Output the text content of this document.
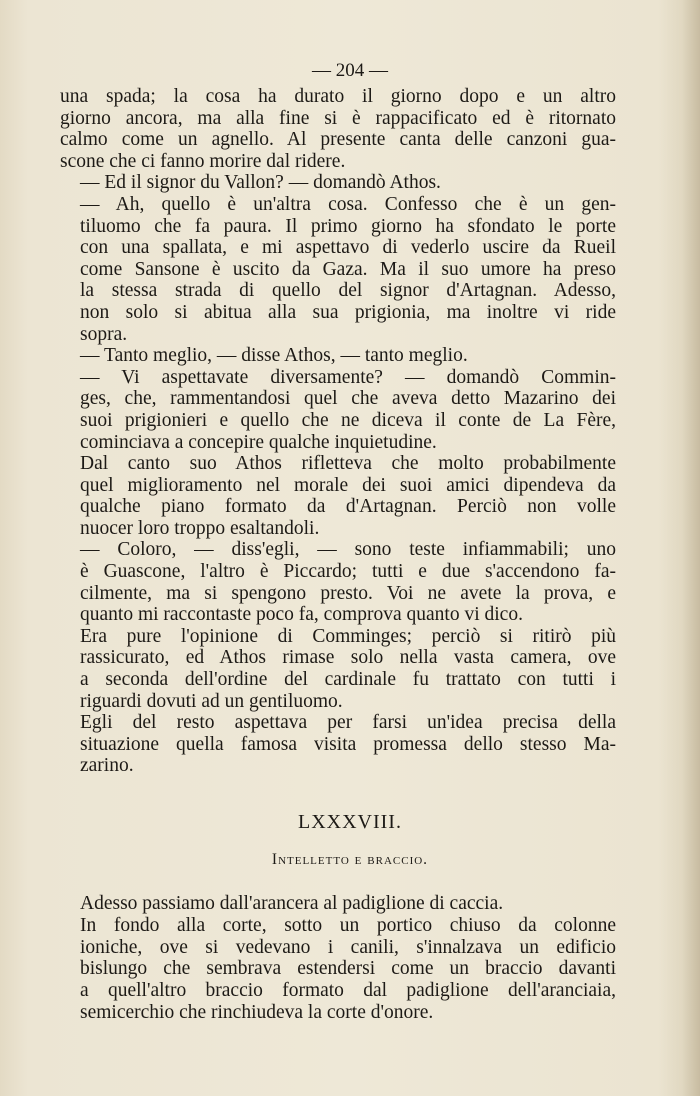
— 204 —
una spada; la cosa ha durato il giorno dopo e un altro
giorno ancora, ma alla fine si è rappacificato ed è ritornato
calmo come un agnello. Al presente canta delle canzoni gua-
scone che ci fanno morire dal ridere.
— Ed il signor du Vallon? — domandò Athos.
— Ah, quello è un'altra cosa. Confesso che è un gen-
tiluomo che fa paura. Il primo giorno ha sfondato le porte
con una spallata, e mi aspettavo di vederlo uscire da Rueil
come Sansone è uscito da Gaza. Ma il suo umore ha preso
la stessa strada di quello del signor d'Artagnan. Adesso,
non solo si abitua alla sua prigionia, ma inoltre vi ride
sopra.
— Tanto meglio, — disse Athos, — tanto meglio.
— Vi aspettavate diversamente? — domandò Commin-
ges, che, rammentandosi quel che aveva detto Mazarino dei
suoi prigionieri e quello che ne diceva il conte de La Fère,
cominciava a concepire qualche inquietudine.
Dal canto suo Athos rifletteva che molto probabilmente
quel miglioramento nel morale dei suoi amici dipendeva da
qualche piano formato da d'Artagnan. Perciò non volle
nuocer loro troppo esaltandoli.
— Coloro, — diss'egli, — sono teste infiammabili; uno
è Guascone, l'altro è Piccardo; tutti e due s'accendono fa-
cilmente, ma si spengono presto. Voi ne avete la prova, e
quanto mi raccontaste poco fa, comprova quanto vi dico.
Era pure l'opinione di Comminges; perciò si ritirò più
rassicurato, ed Athos rimase solo nella vasta camera, ove
a seconda dell'ordine del cardinale fu trattato con tutti i
riguardi dovuti ad un gentiluomo.
Egli del resto aspettava per farsi un'idea precisa della
situazione quella famosa visita promessa dello stesso Ma-
zarino.
LXXXVIII.
Intelletto e braccio.
Adesso passiamo dall'arancera al padiglione di caccia.
In fondo alla corte, sotto un portico chiuso da colonne
ioniche, ove si vedevano i canili, s'innalzava un edificio
bislungo che sembrava estendersi come un braccio davanti
a quell'altro braccio formato dal padiglione dell'aranciaia,
semicerchio che rinchiudeva la corte d'onore.
